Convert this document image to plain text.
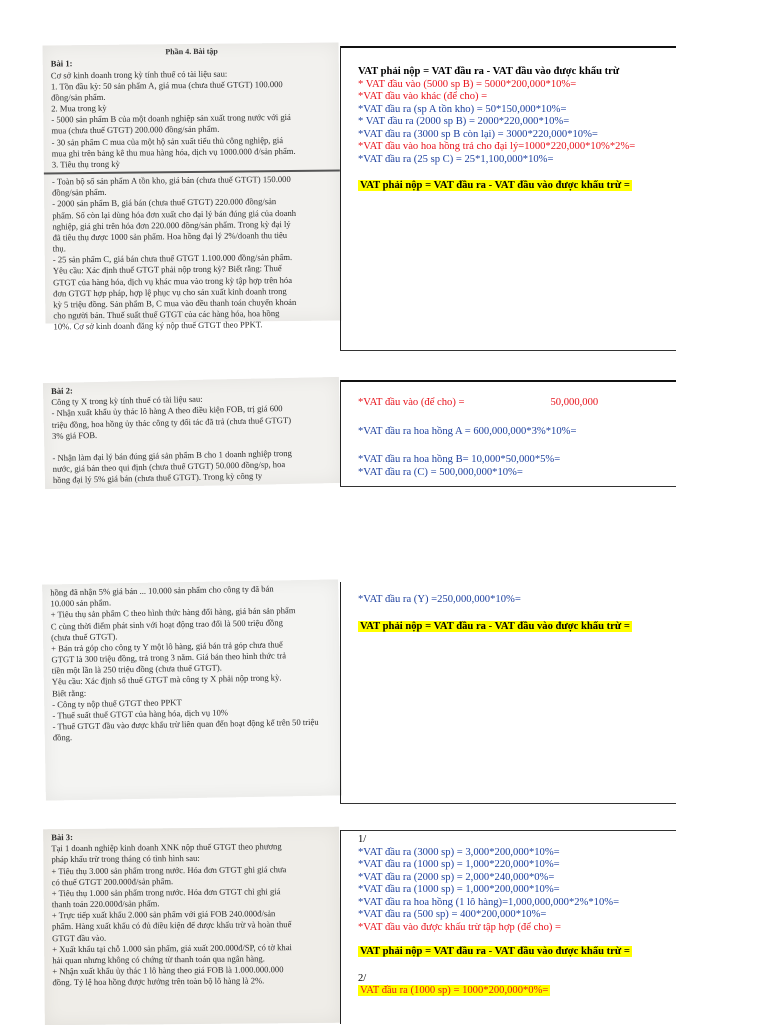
Phần 4. Bài tập

Bài 1:

Cơ sở kinh doanh trong kỳ tính thuế có tài liệu sau:
1. Tồn đầu kỳ: 50 sản phẩm A, giá mua (chưa thuế GTGT) 100.000
đồng/sản phẩm.
2. Mua trong kỳ
- 5000 sản phẩm B của một doanh nghiệp sản xuất trong nước với giá
mua (chưa thuế GTGT) 200.000 đồng/sản phẩm.
- 30 sản phẩm C mua của một hộ sản xuất tiểu thủ công nghiệp, giá
mua ghi trên bảng kê thu mua hàng hóa, dịch vụ 1000.000 đ/sản phẩm.
3. Tiêu thụ trong kỳ

- Toàn bộ số sản phẩm A tồn kho, giá bán (chưa thuế GTGT) 150.000
đồng/sản phẩm.
- 2000 sản phẩm B, giá bán (chưa thuế GTGT) 220.000 đồng/sản
phẩm. Số còn lại dùng hóa đơn xuất cho đại lý bán đúng giá của doanh
nghiệp, giá ghi trên hóa đơn 220.000 đồng/sản phẩm. Trong kỳ đại lý
đã tiêu thụ được 1000 sản phẩm. Hoa hồng đại lý 2%/doanh thu tiêu
thụ.
- 25 sản phẩm C, giá bán chưa thuế GTGT 1.100.000 đồng/sản phẩm.
Yêu cầu: Xác định thuế GTGT phải nộp trong kỳ? Biết rằng: Thuế
GTGT của hàng hóa, dịch vụ khác mua vào trong kỳ tập hợp trên hóa
đơn GTGT hợp pháp, hợp lệ phục vụ cho sản xuất kinh doanh trong
kỳ 5 triệu đồng. Sản phẩm B, C mua vào đều thanh toán chuyển khoản
cho người bán. Thuế suất thuế GTGT của các hàng hóa, hoa hồng
10%. Cơ sở kinh doanh đăng ký nộp thuế GTGT theo PPKT.

Bài 2:

Công ty X trong kỳ tính thuế có tài liệu sau:
- Nhận xuất khẩu ủy thác lô hàng A theo điều kiện FOB, trị giá 600
triệu đồng, hoa hồng ủy thác công ty đối tác đã trả (chưa thuế GTGT)
3% giá FOB.

- Nhận làm đại lý bán đúng giá sản phẩm B cho 1 doanh nghiệp trong
nước, giá bán theo qui định (chưa thuế GTGT) 50.000 đồng/sp, hoa
hồng đại lý 5% giá bán (chưa thuế GTGT). Trong kỳ công ty

hồng đã nhận 5% giá bán ... 10.000 sản phẩm cho công ty đã bán
10.000 sản phẩm.
+ Tiêu thụ sản phẩm C theo hình thức hàng đổi hàng, giá bán sản phẩm
C cùng thời điểm phát sinh với hoạt động trao đổi là 500 triệu đồng
(chưa thuế GTGT).
+ Bán trả góp cho công ty Y một lô hàng, giá bán trả góp chưa thuế
GTGT là 300 triệu đồng, trả trong 3 năm. Giá bán theo hình thức trả
tiền một lần là 250 triệu đồng (chưa thuế GTGT).
Yêu cầu: Xác định số thuế GTGT mà công ty X phải nộp trong kỳ.
Biết rằng:
- Công ty nộp thuế GTGT theo PPKT
- Thuế suất thuế GTGT của hàng hóa, dịch vụ 10%
- Thuế GTGT đầu vào được khấu trừ liên quan đến hoạt động kể trên 50 triệu
đồng.

Bài 3:

Tại 1 doanh nghiệp kinh doanh XNK nộp thuế GTGT theo phương
pháp khấu trừ trong tháng có tình hình sau:
+ Tiêu thụ 3.000 sản phẩm trong nước. Hóa đơn GTGT ghi giá chưa
có thuế GTGT 200.000đ/sản phẩm.
+ Tiêu thụ 1.000 sản phẩm trong nước. Hóa đơn GTGT chỉ ghi giá
thanh toán 220.000đ/sản phẩm.
+ Trực tiếp xuất khẩu 2.000 sản phẩm với giá FOB 240.000đ/sản
phẩm. Hàng xuất khẩu có đủ điều kiện để được khấu trừ và hoàn thuế
GTGT đầu vào.
+ Xuất khẩu tại chỗ 1.000 sản phẩm, giá xuất 200.000đ/SP, có tờ khai
hải quan nhưng không có chứng từ thanh toán qua ngân hàng.
+ Nhận xuất khẩu ủy thác 1 lô hàng theo giá FOB là 1.000.000.000
đồng. Tỷ lệ hoa hồng được hưởng trên toàn bộ lô hàng là 2%.

VAT phải nộp = VAT đầu ra - VAT đầu vào được khấu trừ
* VAT đầu vào (5000 sp B) = 5000*200,000*10%=
*VAT đầu vào khác (để cho) =
*VAT đầu ra (sp A tồn kho) = 50*150,000*10%=
* VAT đầu ra (2000 sp B) = 2000*220,000*10%=
*VAT đầu ra (3000 sp B còn lại) = 3000*220,000*10%=
*VAT đầu vào hoa hồng trả cho đại lý=1000*220,000*10%*2%=
*VAT đầu ra (25 sp C) = 25*1,100,000*10%=
VAT phải nộp = VAT đầu ra - VAT đầu vào được khấu trừ =
*VAT đầu vào (để cho) =	50,000,000
*VAT đầu ra hoa hồng A = 600,000,000*3%*10%=
*VAT đầu ra hoa hồng B= 10,000*50,000*5%=
*VAT đầu ra (C) = 500,000,000*10%=
*VAT đầu ra (Y) =250,000,000*10%=
VAT phải nộp = VAT đầu ra - VAT đầu vào được khấu trừ =
1/
*VAT đầu ra (3000 sp) = 3,000*200,000*10%=
*VAT đầu ra (1000 sp) = 1,000*220,000*10%=
*VAT đầu ra (2000 sp) = 2,000*240,000*0%=
*VAT đầu ra (1000 sp) = 1,000*200,000*10%=
*VAT đầu ra hoa hồng (1 lô hàng)=1,000,000,000*2%*10%=
*VAT đầu ra (500 sp) = 400*200,000*10%=
*VAT đầu vào được khấu trừ tập hợp (để cho) =
VAT phải nộp = VAT đầu ra - VAT đầu vào được khấu trừ =
2/
VAT đầu ra (1000 sp) = 1000*200,000*0%=
